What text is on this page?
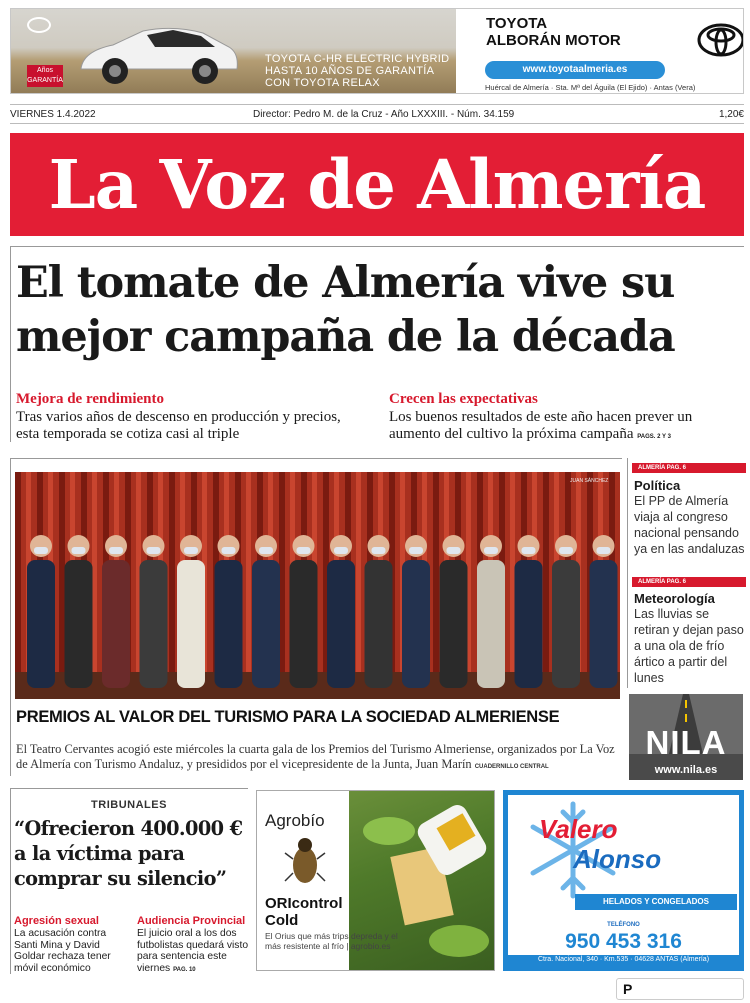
Años GARANTÍA
TOYOTA C-HR ELECTRIC HYBRID
HASTA 10 AÑOS DE GARANTÍA
CON TOYOTA RELAX
TOYOTA
ALBORÁN MOTOR
www.toyotaalmeria.es
Huércal de Almería · Sta. Mª del Águila (El Ejido) · Antas (Vera)
VIERNES 1.4.2022	Director: Pedro M. de la Cruz - Año LXXXIII. - Núm. 34.159	1,20€
La Voz de Almería
El tomate de Almería vive su
mejor campaña de la década
Mejora de rendimiento
Tras varios años de descenso en producción y precios, esta temporada se cotiza casi al triple
Crecen las expectativas
Los buenos resultados de este año hacen prever un aumento del cultivo la próxima campaña PAGS. 2 Y 3
JUAN SÁNCHEZ
PREMIOS AL VALOR DEL TURISMO PARA LA SOCIEDAD ALMERIENSE
El Teatro Cervantes acogió este miércoles la cuarta gala de los Premios del Turismo Almeriense, organizados por La Voz de Almería con Turismo Andaluz, y presididos por el vicepresidente de la Junta, Juan Marín CUADERNILLO CENTRAL
ALMERÍA PAG. 6
Política
El PP de Almería viaja al congreso nacional pensando ya en las andaluzas
ALMERÍA PAG. 6
Meteorología
Las lluvias se retiran y dejan paso a una ola de frío ártico a partir del lunes
NILA
www.nila.es
TRIBUNALES
“Ofrecieron 400.000 € a la víctima para comprar su silencio”
Agresión sexual
La acusación contra Santi Mina y David Goldar rechaza tener móvil económico
Audiencia Provincial
El juicio oral a los dos futbolistas quedará visto para sentencia este viernes PAG. 10
Agrobío
ORIcontrol
Cold
El Orius que más trips depreda y el más resistente al frío | agrobio.es
Valero
Alonso
HELADOS Y CONGELADOS
TELÉFONO
950 453 316
Ctra. Nacional, 340 · Km.535 · 04628 ANTAS (Almería)
P
